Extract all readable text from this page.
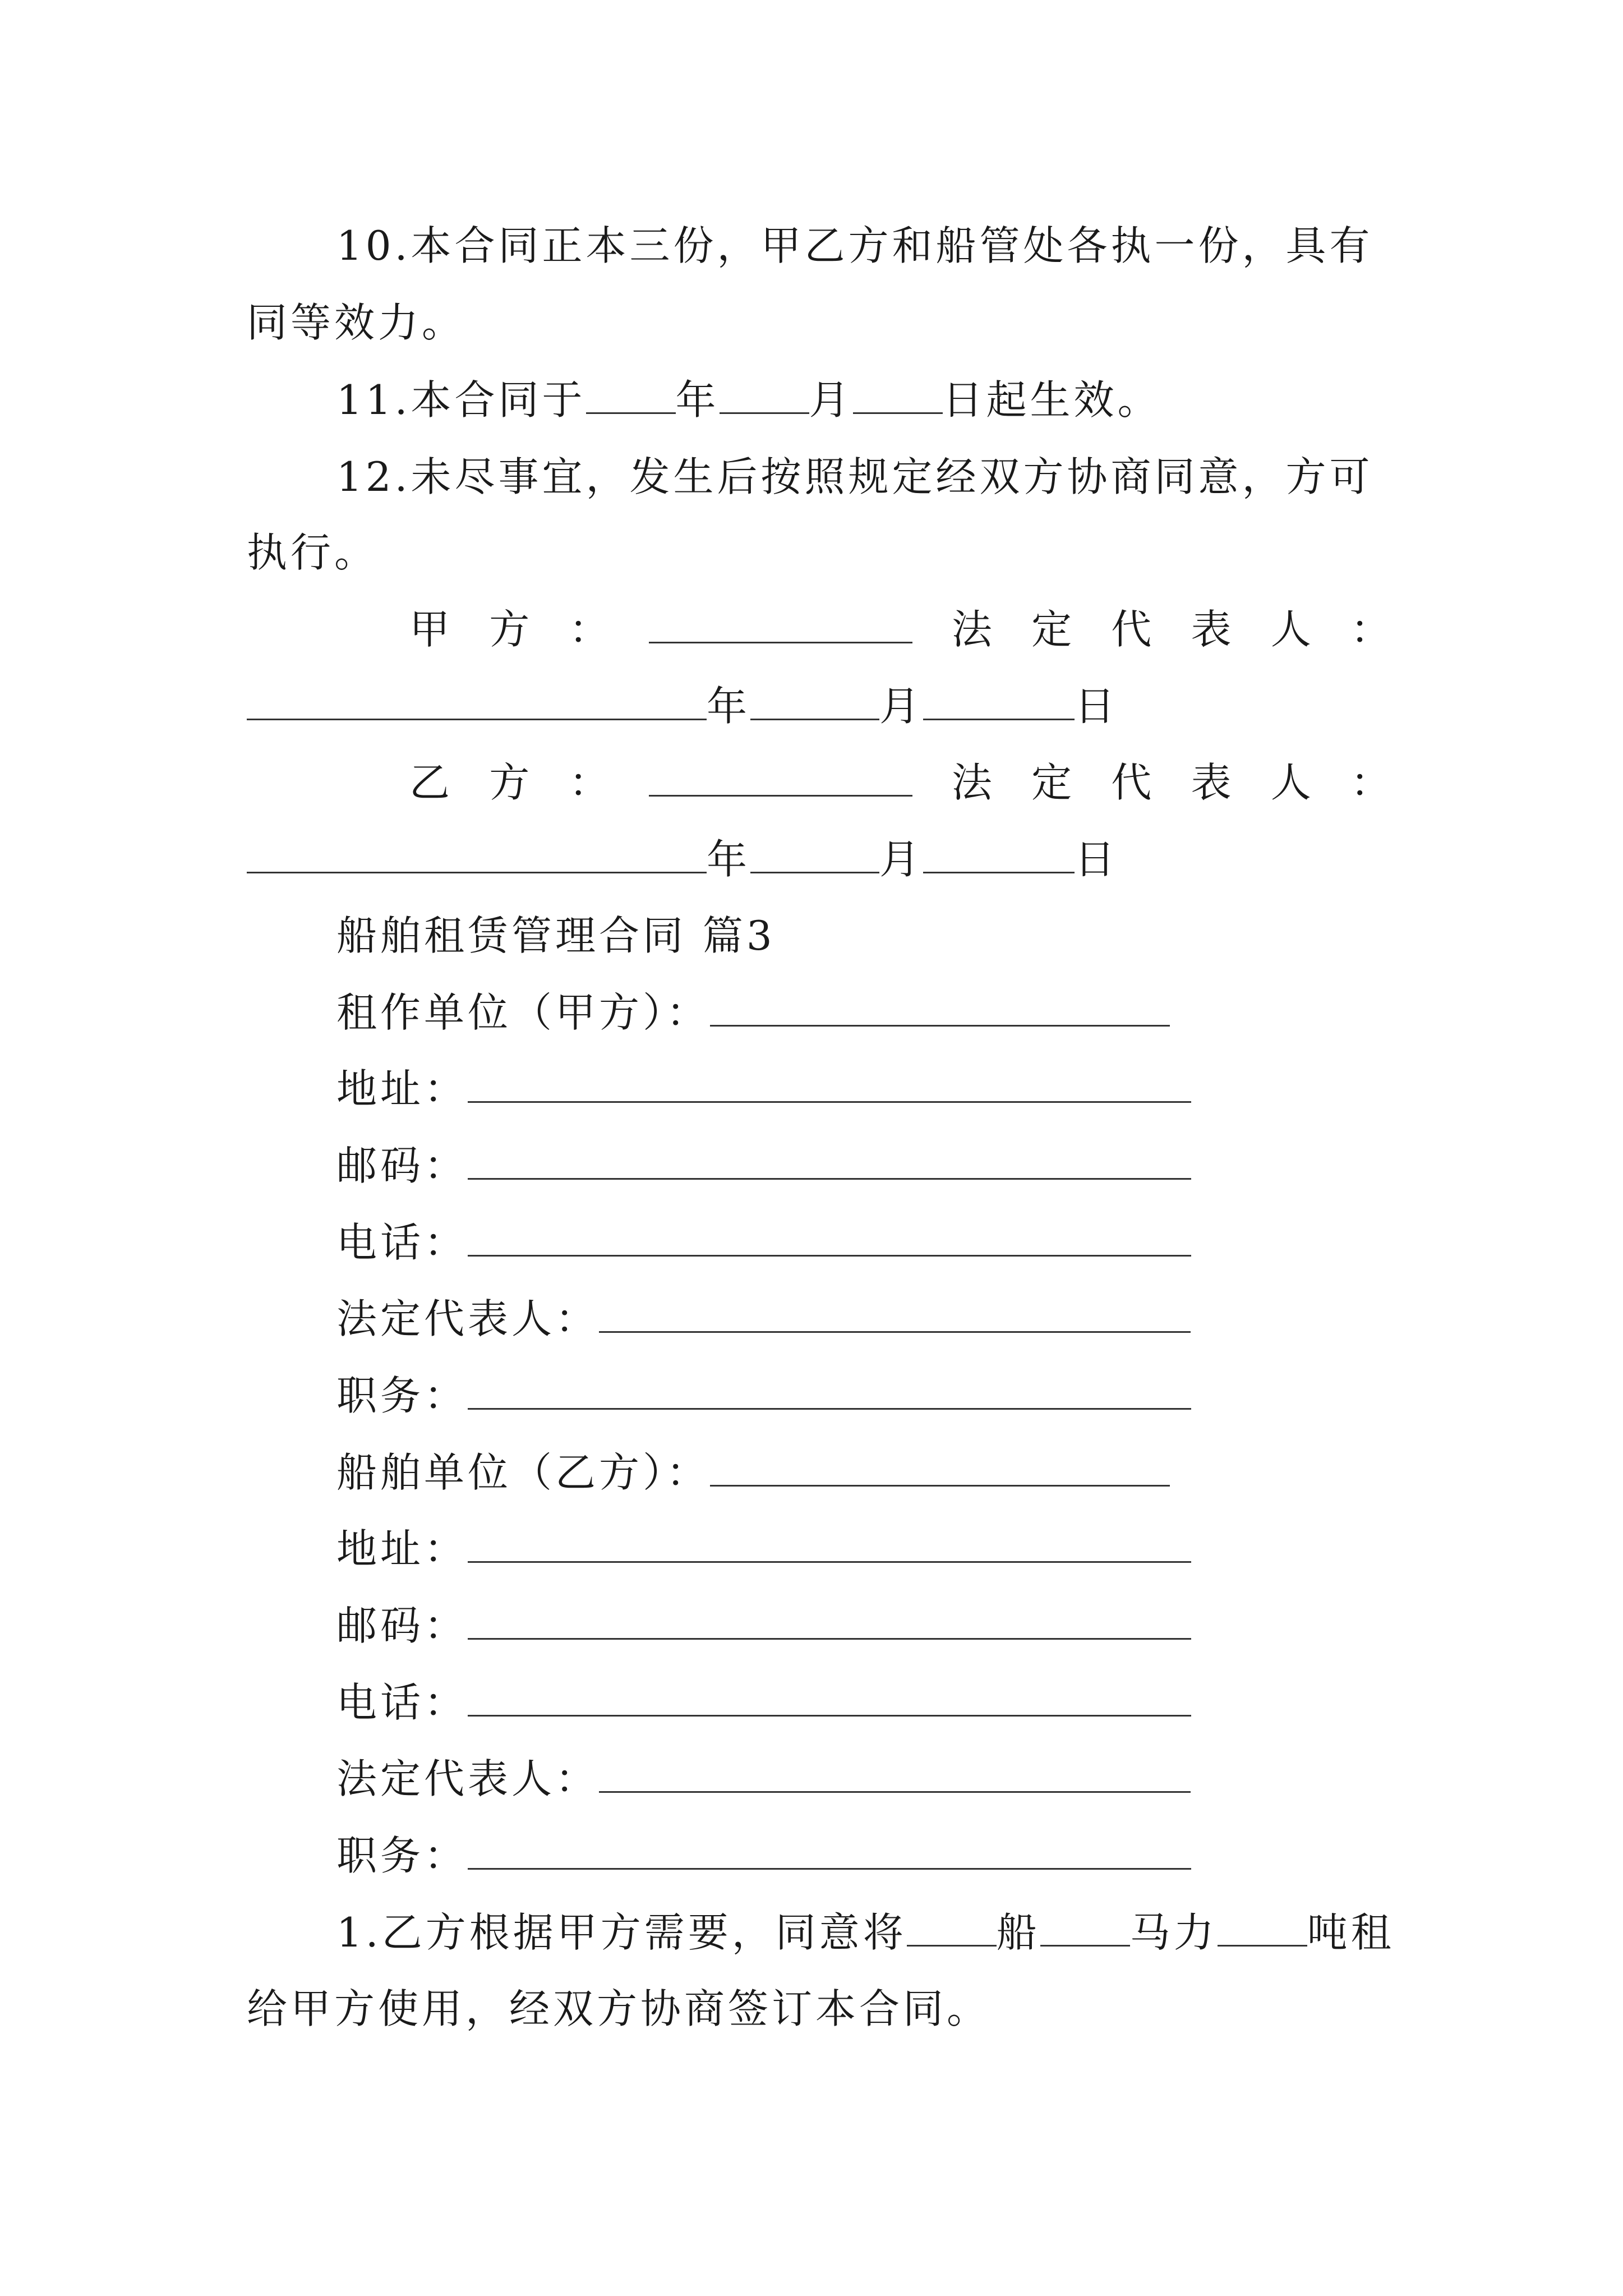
10.本合同正本三份，甲乙方和船管处各执一份，具有
同等效力。
11.本合同于 年 月 日起生效。
12.未尽事宜，发生后按照规定经双方协商同意，方可
执行。
甲 方 ：	法 定 代 表 人 ：
年	月	日
乙 方 ：	法 定 代 表 人 ：
年	月	日
船舶租赁管理合同 篇3
租作单位（甲方）：
地址：
邮码：
电话：
法定代表人：
职务：
船舶单位（乙方）：
地址：
邮码：
电话：
法定代表人：
职务：
1.乙方根据甲方需要，同意将 船 马力 吨租
给甲方使用，经双方协商签订本合同。
